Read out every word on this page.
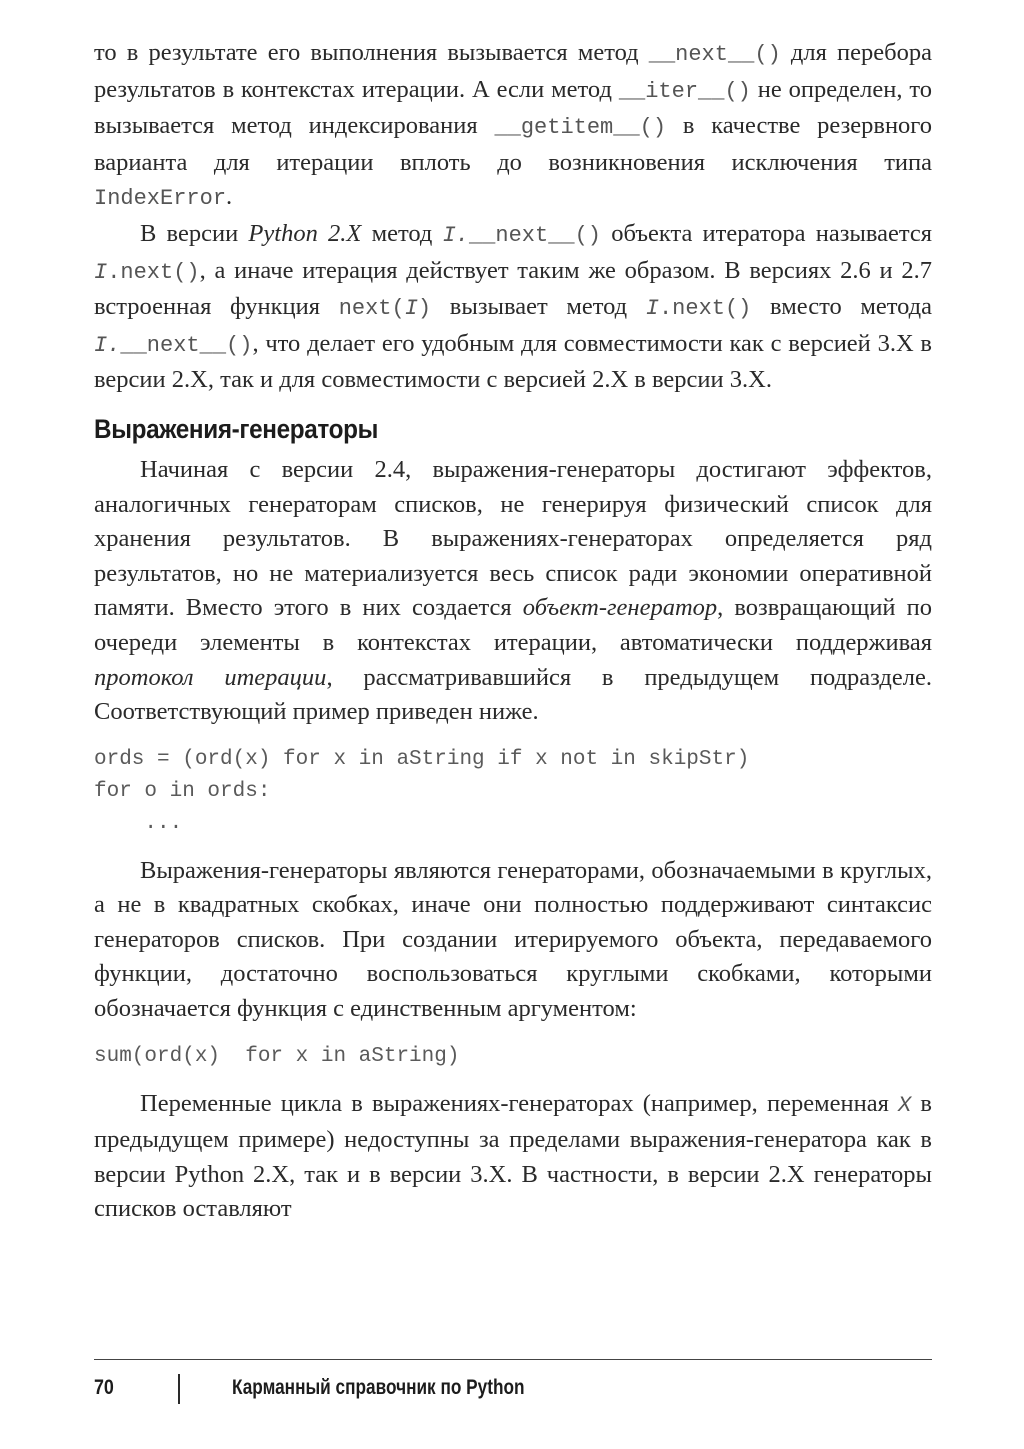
то в результате его выполнения вызывается метод __next__() для перебора результатов в контекстах итерации. А если метод __iter__() не определен, то вызывается метод индексирования __getitem__() в качестве резервного варианта для итерации вплоть до возникновения исключения типа IndexError.

В версии Python 2.X метод I.__next__() объекта итератора называется I.next(), а иначе итерация действует таким же образом. В версиях 2.6 и 2.7 встроенная функция next(I) вызывает метод I.next() вместо метода I.__next__(), что делает его удобным для совместимости как с версией 3.X в версии 2.X, так и для совместимости с версией 2.X в версии 3.X.

Выражения-генераторы

Начиная с версии 2.4, выражения-генераторы достигают эффектов, аналогичных генераторам списков, не генерируя физический список для хранения результатов. В выражениях-генераторах определяется ряд результатов, но не материализуется весь список ради экономии оперативной памяти. Вместо этого в них создается объект-генератор, возвращающий по очереди элементы в контекстах итерации, автоматически поддерживая протокол итерации, рассматривавшийся в предыдущем подразделе. Соответствующий пример приведен ниже.

ords = (ord(x) for x in aString if x not in skipStr)
for o in ords:
...

Выражения-генераторы являются генераторами, обозначаемыми в круглых, а не в квадратных скобках, иначе они полностью поддерживают синтаксис генераторов списков. При создании итерируемого объекта, передаваемого функции, достаточно воспользоваться круглыми скобками, которыми обозначается функция с единственным аргументом:

sum(ord(x)  for x in aString)

Переменные цикла в выражениях-генераторах (например, переменная X в предыдущем примере) недоступны за пределами выражения-генератора как в версии Python 2.X, так и в версии 3.X. В частности, в версии 2.X генераторы списков оставляют

70	Карманный справочник по Python
